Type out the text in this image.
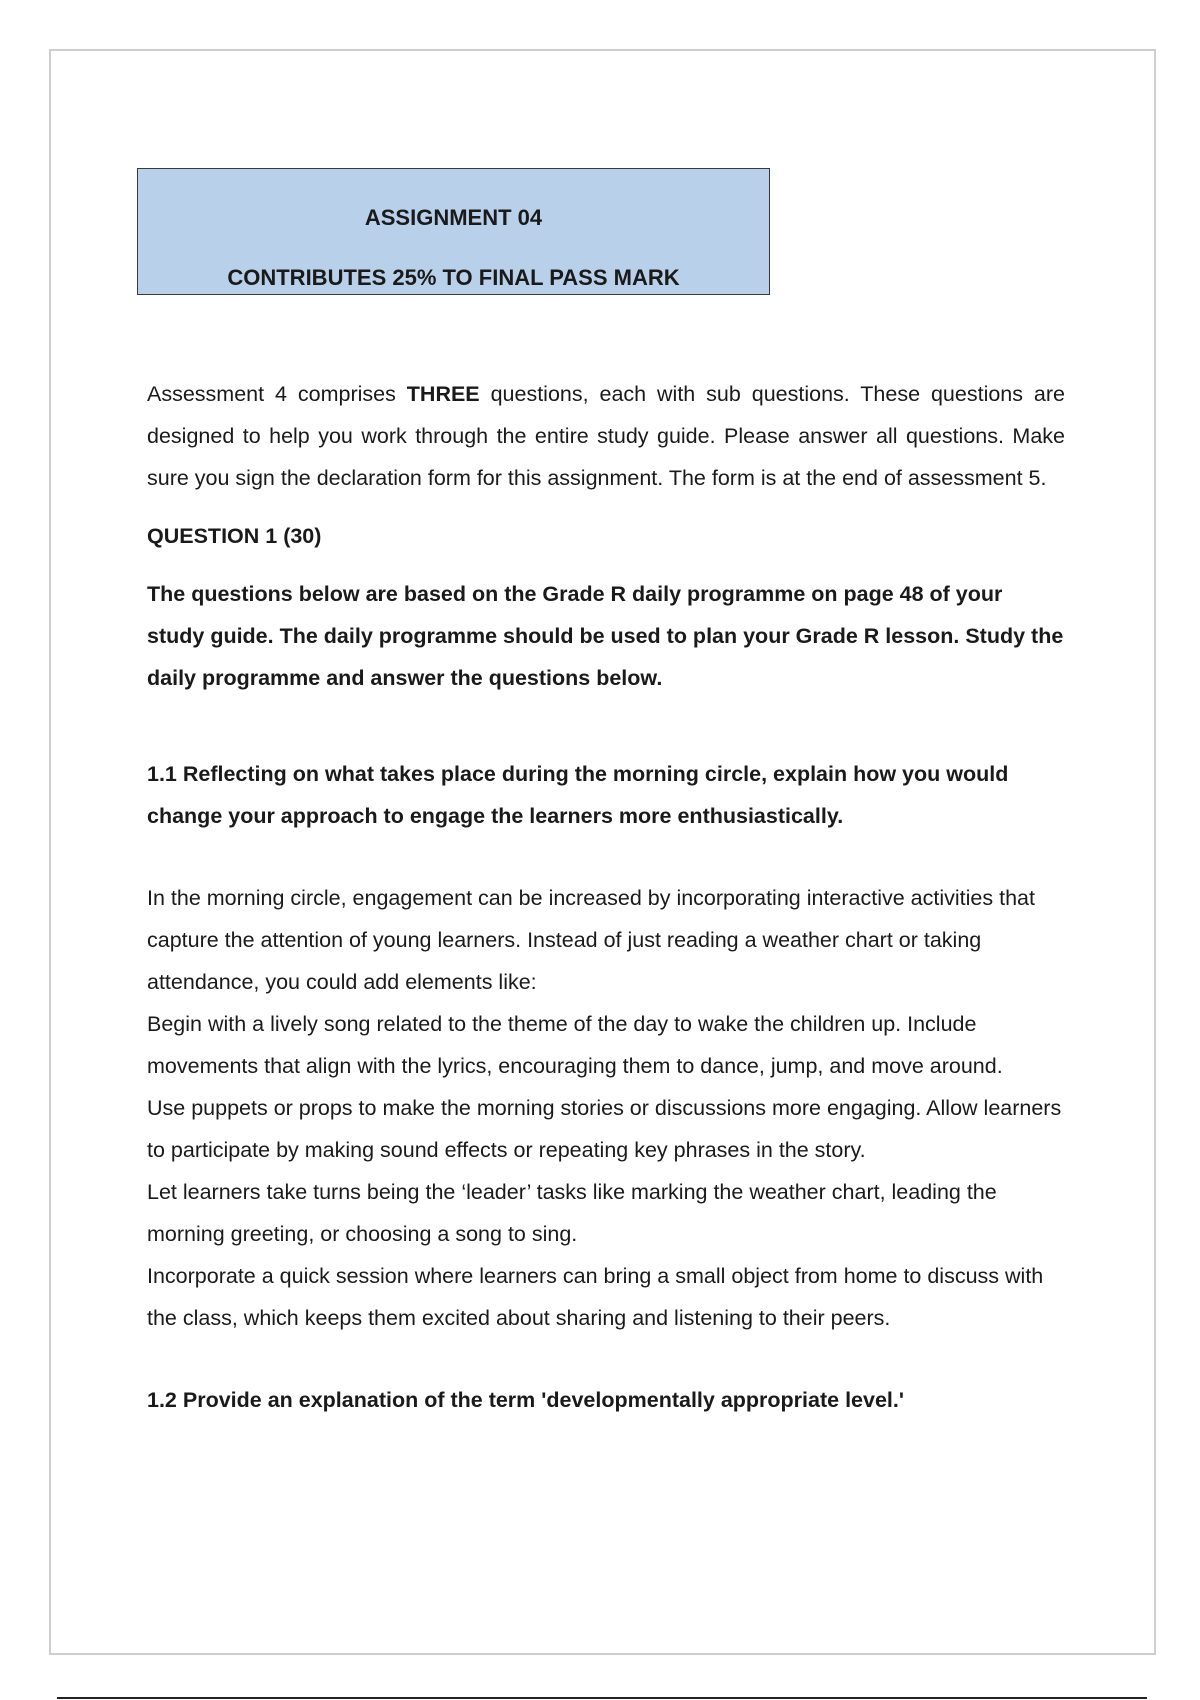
ASSIGNMENT 04
CONTRIBUTES 25% TO FINAL PASS MARK

Assessment 4 comprises THREE questions, each with sub questions. These questions are designed to help you work through the entire study guide. Please answer all questions. Make sure you sign the declaration form for this assignment. The form is at the end of assessment 5.

QUESTION 1 (30)
The questions below are based on the Grade R daily programme on page 48 of your study guide. The daily programme should be used to plan your Grade R lesson. Study the daily programme and answer the questions below.
1.1 Reflecting on what takes place during the morning circle, explain how you would change your approach to engage the learners more enthusiastically.
In the morning circle, engagement can be increased by incorporating interactive activities that capture the attention of young learners. Instead of just reading a weather chart or taking attendance, you could add elements like:
Begin with a lively song related to the theme of the day to wake the children up. Include movements that align with the lyrics, encouraging them to dance, jump, and move around.
Use puppets or props to make the morning stories or discussions more engaging. Allow learners to participate by making sound effects or repeating key phrases in the story.
Let learners take turns being the ‘leader’ tasks like marking the weather chart, leading the morning greeting, or choosing a song to sing.
Incorporate a quick session where learners can bring a small object from home to discuss with the class, which keeps them excited about sharing and listening to their peers.
1.2 Provide an explanation of the term 'developmentally appropriate level.'
